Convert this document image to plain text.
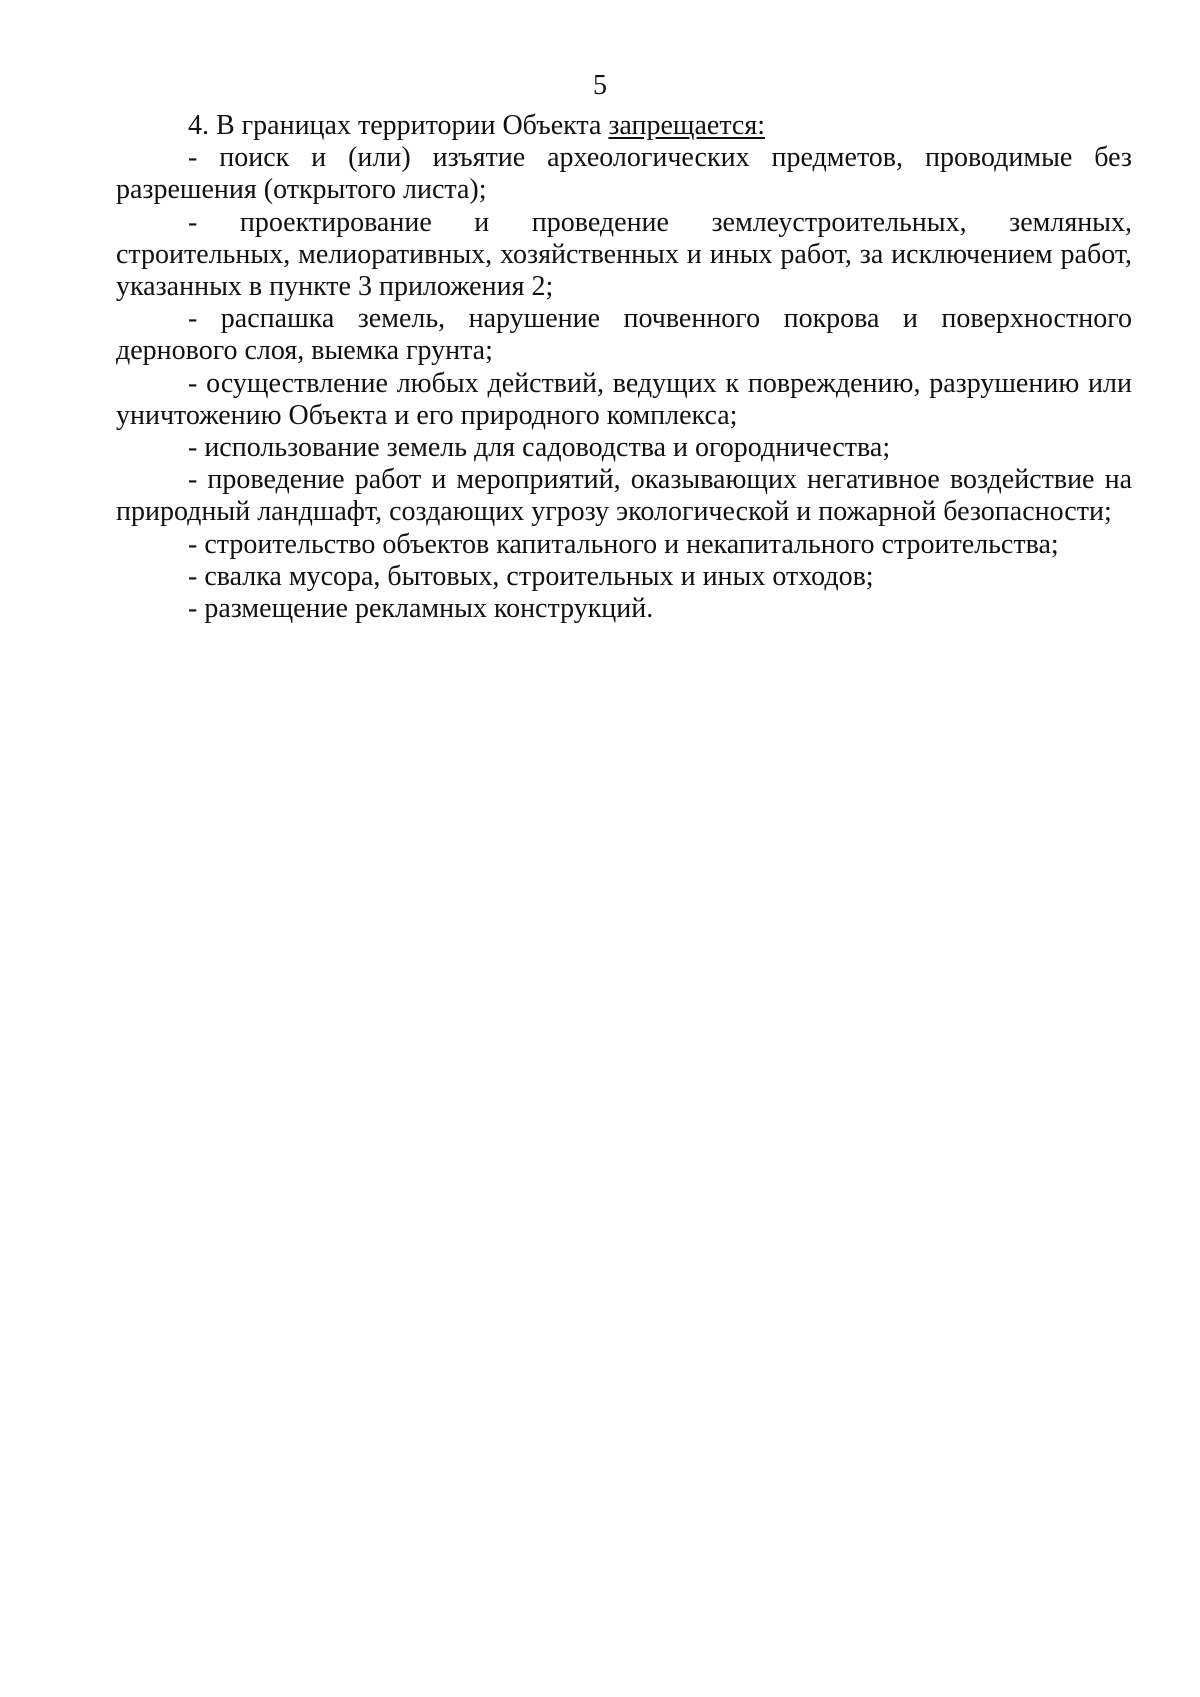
5

4. В границах территории Объекта запрещается:

- поиск и (или) изъятие археологических предметов, проводимые без разрешения (открытого листа);

- проектирование и проведение землеустроительных, земляных, строительных, мелиоративных, хозяйственных и иных работ, за исключением работ, указанных в пункте 3 приложения 2;

- распашка земель, нарушение почвенного покрова и поверхностного дернового слоя, выемка грунта;

- осуществление любых действий, ведущих к повреждению, разрушению или уничтожению Объекта и его природного комплекса;

- использование земель для садоводства и огородничества;

- проведение работ и мероприятий, оказывающих негативное воздействие на природный ландшафт, создающих угрозу экологической и пожарной безопасности;

- строительство объектов капитального и некапитального строительства;

- свалка мусора, бытовых, строительных и иных отходов;

- размещение рекламных конструкций.
